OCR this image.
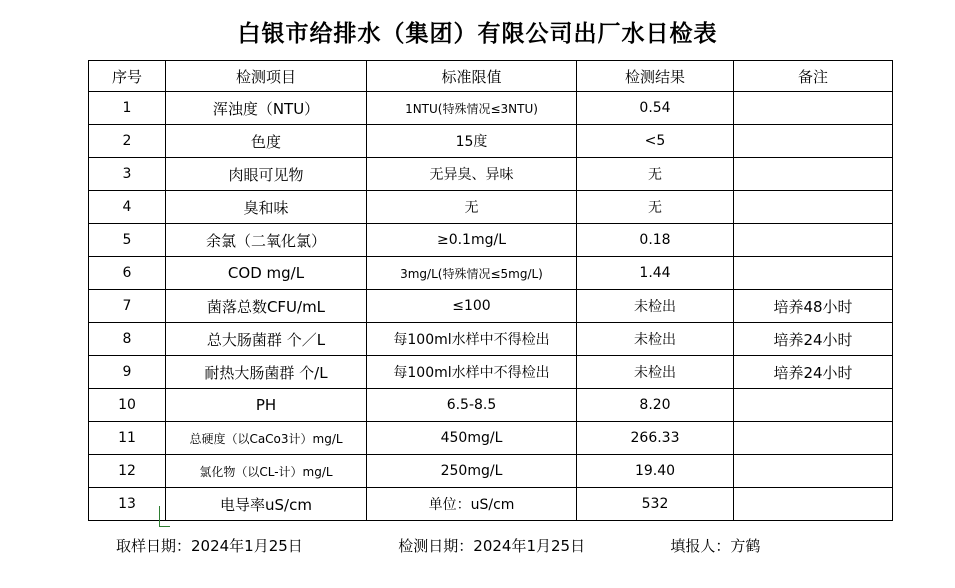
白银市给排水（集团）有限公司出厂水日检表
序号	检测项目	标准限值	检测结果	备注
1	浑浊度（NTU）	1NTU(特殊情况≤3NTU)	0.54	
2	色度	15度	<5	
3	肉眼可见物	无异臭、异味	无	
4	臭和味	无	无	
5	余氯（二氧化氯）	≥0.1mg/L	0.18	
6	COD mg/L	3mg/L(特殊情况≤5mg/L)	1.44	
7	菌落总数CFU/mL	≤100	未检出	培养48小时
8	总大肠菌群 个／L	每100ml水样中不得检出	未检出	培养24小时
9	耐热大肠菌群 个/L	每100ml水样中不得检出	未检出	培养24小时
10	PH	6.5-8.5	8.20	
11	总硬度（以CaCo3计）mg/L	450mg/L	266.33	
12	氯化物（以CL-计）mg/L	250mg/L	19.40	
13	电导率uS/cm	单位：uS/cm	532	
取样日期：2024年1月25日	检测日期：2024年1月25日	填报人：方鹤
